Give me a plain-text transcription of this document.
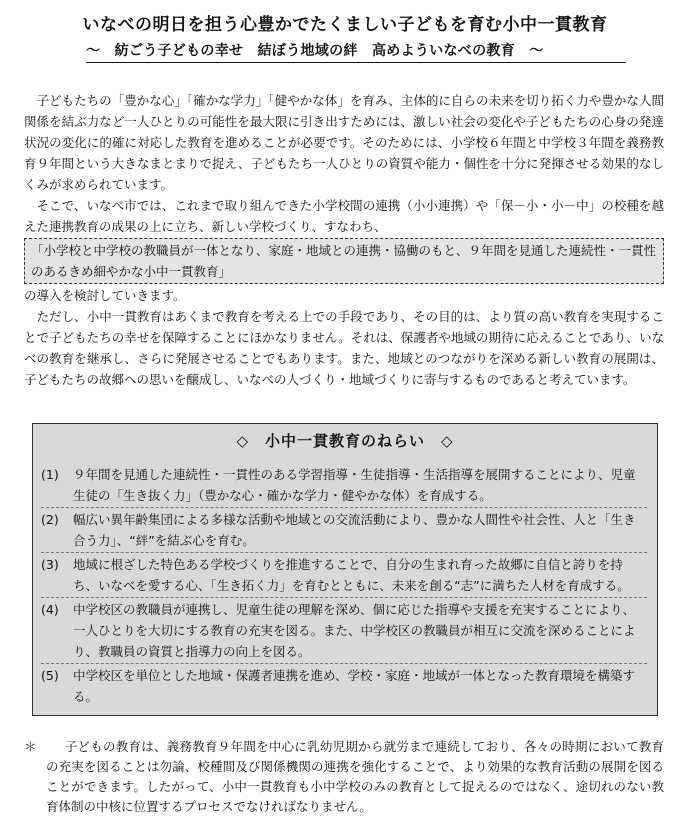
いなべの明日を担う心豊かでたくましい子どもを育む小中一貫教育
～　紡ごう子どもの幸せ　結ぼう地域の絆　高めよういなべの教育　～

子どもたちの「豊かな心」「確かな学力」「健やかな体」を育み、主体的に自らの未来を切り拓く力や豊かな人間関係を結ぶ力など一人ひとりの可能性を最大限に引き出すためには、激しい社会の変化や子どもたちの心身の発達状況の変化に的確に対応した教育を進めることが必要です。そのためには、小学校６年間と中学校３年間を義務教育９年間という大きなまとまりで捉え、子どもたち一人ひとりの資質や能力・個性を十分に発揮させる効果的なしくみが求められています。

そこで、いなべ市では、これまで取り組んできた小学校間の連携（小小連携）や「保－小・小－中」の校種を越えた連携教育の成果の上に立ち、新しい学校づくり、すなわち、

「小学校と中学校の教職員が一体となり、家庭・地域との連携・協働のもと、９年間を見通した連続性・一貫性のあるきめ細やかな小中一貫教育」

の導入を検討していきます。

ただし、小中一貫教育はあくまで教育を考える上での手段であり、その目的は、より質の高い教育を実現することで子どもたちの幸せを保障することにほかなりません。それは、保護者や地域の期待に応えることであり、いなべの教育を継承し、さらに発展させることでもあります。また、地域とのつながりを深める新しい教育の展開は、子どもたちの故郷への思いを醸成し、いなべの人づくり・地域づくりに寄与するものであると考えています。

◇　小中一貫教育のねらい　◇
(1) ９年間を見通した連続性・一貫性のある学習指導・生徒指導・生活指導を展開することにより、児童生徒の「生き抜く力」（豊かな心・確かな学力・健やかな体）を育成する。
(2) 幅広い異年齢集団による多様な活動や地域との交流活動により、豊かな人間性や社会性、人と「生き合う力」、“絆”を結ぶ心を育む。
(3) 地域に根ざした特色ある学校づくりを推進することで、自分の生まれ育った故郷に自信と誇りを持ち、いなべを愛する心、「生き拓く力」を育むとともに、未来を創る“志”に満ちた人材を育成する。
(4) 中学校区の教職員が連携し、児童生徒の理解を深め、個に応じた指導や支援を充実することにより、一人ひとりを大切にする教育の充実を図る。また、中学校区の教職員が相互に交流を深めることにより、教職員の資質と指導力の向上を図る。
(5) 中学校区を単位とした地域・保護者連携を進め、学校・家庭・地域が一体となった教育環境を構築する。
＊	子どもの教育は、義務教育９年間を中心に乳幼児期から就労まで連続しており、各々の時期において教育の充実を図ることは勿論、校種間及び関係機関の連携を強化することで、より効果的な教育活動の展開を図ることができます。したがって、小中一貫教育も小中学校のみの教育として捉えるのではなく、途切れのない教育体制の中核に位置するプロセスでなければなりません。
